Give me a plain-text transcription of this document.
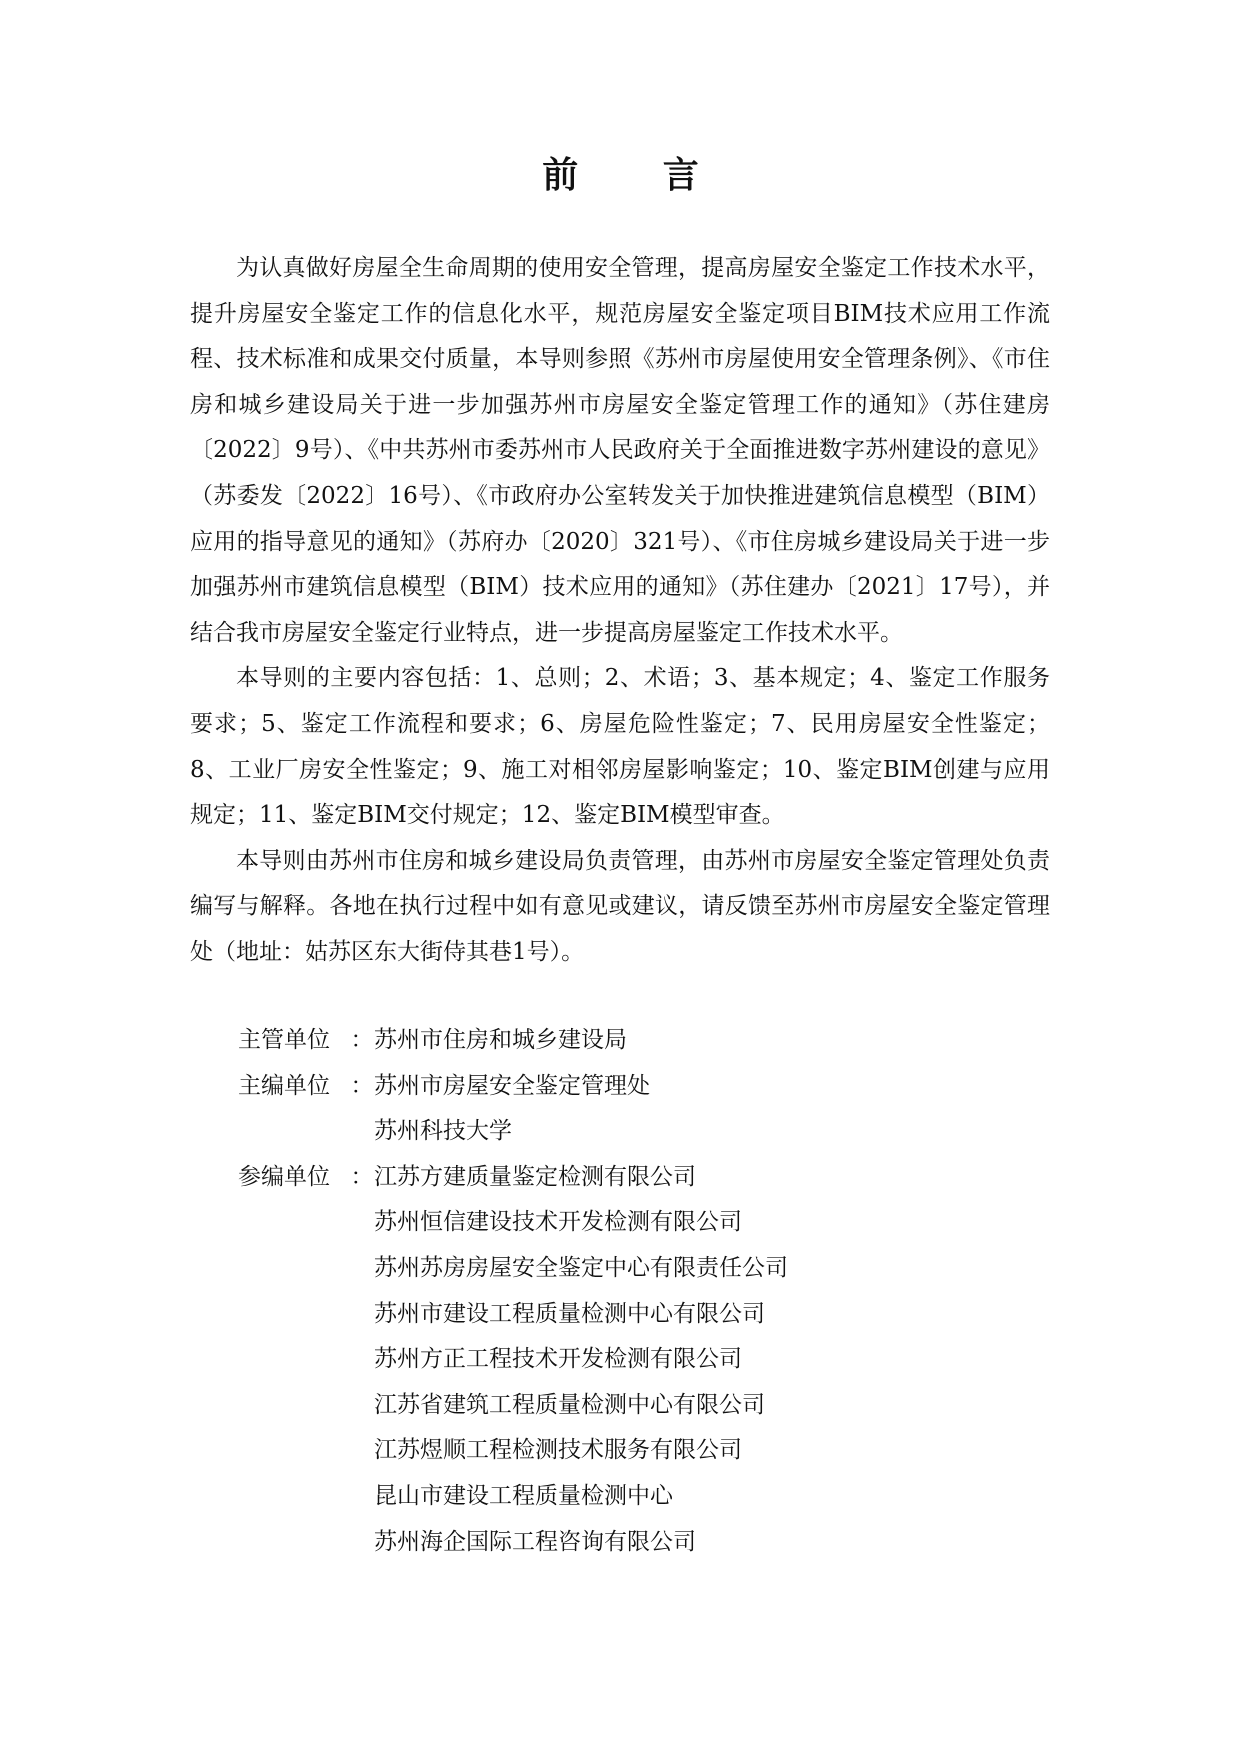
前 言

为认真做好房屋全生命周期的使用安全管理，提高房屋安全鉴定工作技术水平，提升房屋安全鉴定工作的信息化水平，规范房屋安全鉴定项目BIM技术应用工作流程、技术标准和成果交付质量，本导则参照《苏州市房屋使用安全管理条例》、《市住房和城乡建设局关于进一步加强苏州市房屋安全鉴定管理工作的通知》（苏住建房〔2022〕9号）、《中共苏州市委苏州市人民政府关于全面推进数字苏州建设的意见》（苏委发〔2022〕16号）、《市政府办公室转发关于加快推进建筑信息模型（BIM）应用的指导意见的通知》（苏府办〔2020〕321号）、《市住房城乡建设局关于进一步加强苏州市建筑信息模型（BIM）技术应用的通知》（苏住建办〔2021〕17号），并结合我市房屋安全鉴定行业特点，进一步提高房屋鉴定工作技术水平。

本导则的主要内容包括：1、总则；2、术语；3、基本规定；4、鉴定工作服务要求；5、鉴定工作流程和要求；6、房屋危险性鉴定；7、民用房屋安全性鉴定；8、工业厂房安全性鉴定；9、施工对相邻房屋影响鉴定；10、鉴定BIM创建与应用规定；11、鉴定BIM交付规定；12、鉴定BIM模型审查。

本导则由苏州市住房和城乡建设局负责管理，由苏州市房屋安全鉴定管理处负责编写与解释。各地在执行过程中如有意见或建议，请反馈至苏州市房屋安全鉴定管理处（地址：姑苏区东大街侍其巷1号）。

主管单位 ： 苏州市住房和城乡建设局
主编单位 ： 苏州市房屋安全鉴定管理处
苏州科技大学
参编单位 ： 江苏方建质量鉴定检测有限公司
苏州恒信建设技术开发检测有限公司
苏州苏房房屋安全鉴定中心有限责任公司
苏州市建设工程质量检测中心有限公司
苏州方正工程技术开发检测有限公司
江苏省建筑工程质量检测中心有限公司
江苏煜顺工程检测技术服务有限公司
昆山市建设工程质量检测中心
苏州海企国际工程咨询有限公司
